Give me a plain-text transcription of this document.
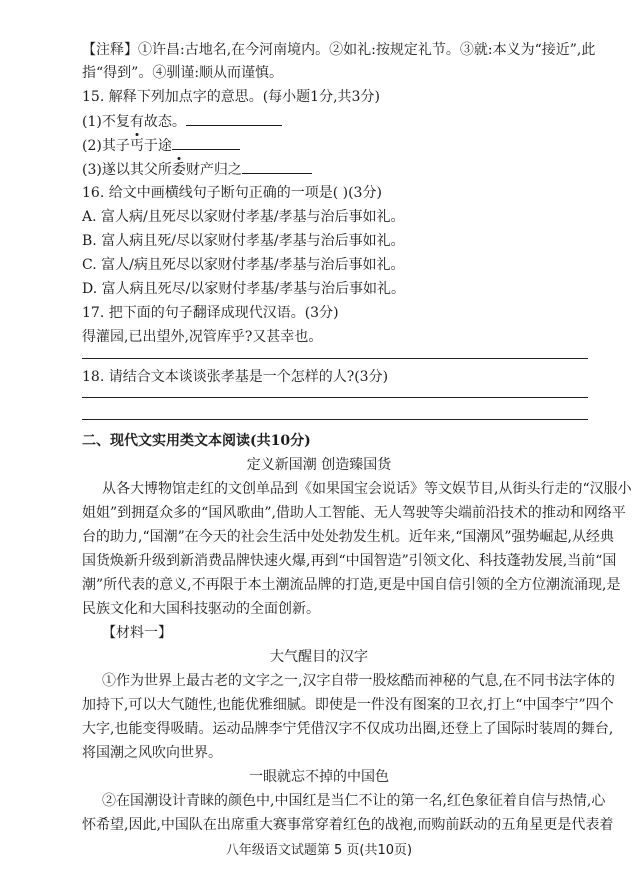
【注释】①许昌:古地名,在今河南境内。②如礼:按规定礼节。③就:本义为“接近”,此
指“得到”。④驯谨:顺从而谨慎。
15. 解释下列加点字的意思。(每小题1分,共3分)
(1)不复有故态。
(2)其子丐于途
(3)遂以其父所委财产归之
16. 给文中画横线句子断句正确的一项是( )(3分)
A. 富人病/且死尽以家财付孝基/孝基与治后事如礼。
B. 富人病且死/尽以家财付孝基/孝基与治后事如礼。
C. 富人/病且死尽以家财付孝基/孝基与治后事如礼。
D. 富人病且死尽/以家财付孝基/孝基与治后事如礼。
17. 把下面的句子翻译成现代汉语。(3分)
得灌园,已出望外,况管库乎?又甚幸也。
18. 请结合文本谈谈张孝基是一个怎样的人?(3分)
二、现代文实用类文本阅读(共10分)
定义新国潮 创造臻国货
从各大博物馆走红的文创单品到《如果国宝会说话》等文娱节目,从街头行走的“汉服小
姐姐”到拥趸众多的“国风歌曲”,借助人工智能、无人驾驶等尖端前沿技术的推动和网络平
台的助力,“国潮”在今天的社会生活中处处勃发生机。近年来,“国潮风”强势崛起,从经典
国货焕新升级到新消费品牌快速火爆,再到“中国智造”引领文化、科技蓬勃发展,当前“国
潮”所代表的意义,不再限于本土潮流品牌的打造,更是中国自信引领的全方位潮流涌现,是
民族文化和大国科技驱动的全面创新。
【材料一】
大气醒目的汉字
①作为世界上最古老的文字之一,汉字自带一股炫酷而神秘的气息,在不同书法字体的
加持下,可以大气随性,也能优雅细腻。即使是一件没有图案的卫衣,打上“中国李宁”四个
大字,也能变得吸睛。运动品牌李宁凭借汉字不仅成功出圈,还登上了国际时装周的舞台,
将国潮之风吹向世界。
一眼就忘不掉的中国色
②在国潮设计青睐的颜色中,中国红是当仁不让的第一名,红色象征着自信与热情,心
怀希望,因此,中国队在出席重大赛事常穿着红色的战袍,而购前跃动的五角星更是代表着
八年级语文试题第 5 页(共10页)
